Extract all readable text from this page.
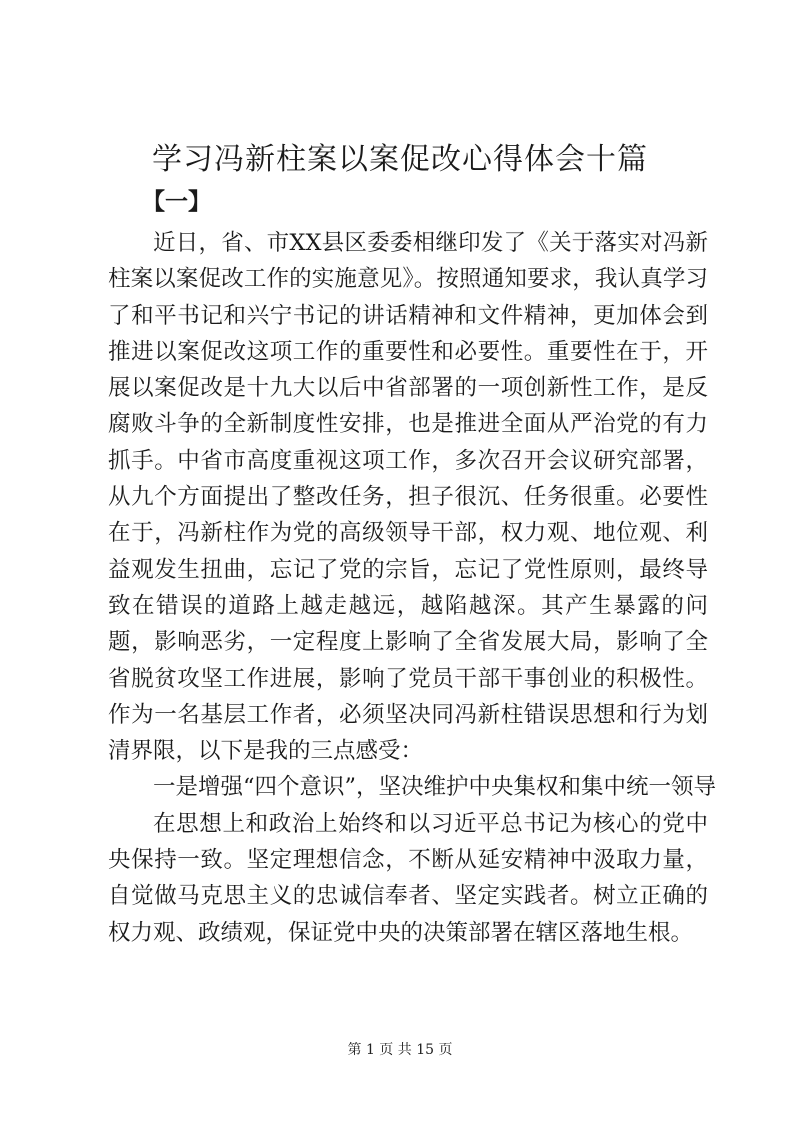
学习冯新柱案以案促改心得体会十篇
【一】

近日，省、市XX县区委委相继印发了《关于落实对冯新柱案以案促改工作的实施意见》。按照通知要求，我认真学习了和平书记和兴宁书记的讲话精神和文件精神，更加体会到推进以案促改这项工作的重要性和必要性。重要性在于，开展以案促改是十九大以后中省部署的一项创新性工作，是反腐败斗争的全新制度性安排，也是推进全面从严治党的有力抓手。中省市高度重视这项工作，多次召开会议研究部署，从九个方面提出了整改任务，担子很沉、任务很重。必要性在于，冯新柱作为党的高级领导干部，权力观、地位观、利益观发生扭曲，忘记了党的宗旨，忘记了党性原则，最终导致在错误的道路上越走越远，越陷越深。其产生暴露的问题，影响恶劣，一定程度上影响了全省发展大局，影响了全省脱贫攻坚工作进展，影响了党员干部干事创业的积极性。作为一名基层工作者，必须坚决同冯新柱错误思想和行为划清界限，以下是我的三点感受：

一是增强“四个意识”，坚决维护中央集权和集中统一领导

在思想上和政治上始终和以习近平总书记为核心的党中央保持一致。坚定理想信念，不断从延安精神中汲取力量，自觉做马克思主义的忠诚信奉者、坚定实践者。树立正确的权力观、政绩观，保证党中央的决策部署在辖区落地生根。

第 1 页 共 15 页
